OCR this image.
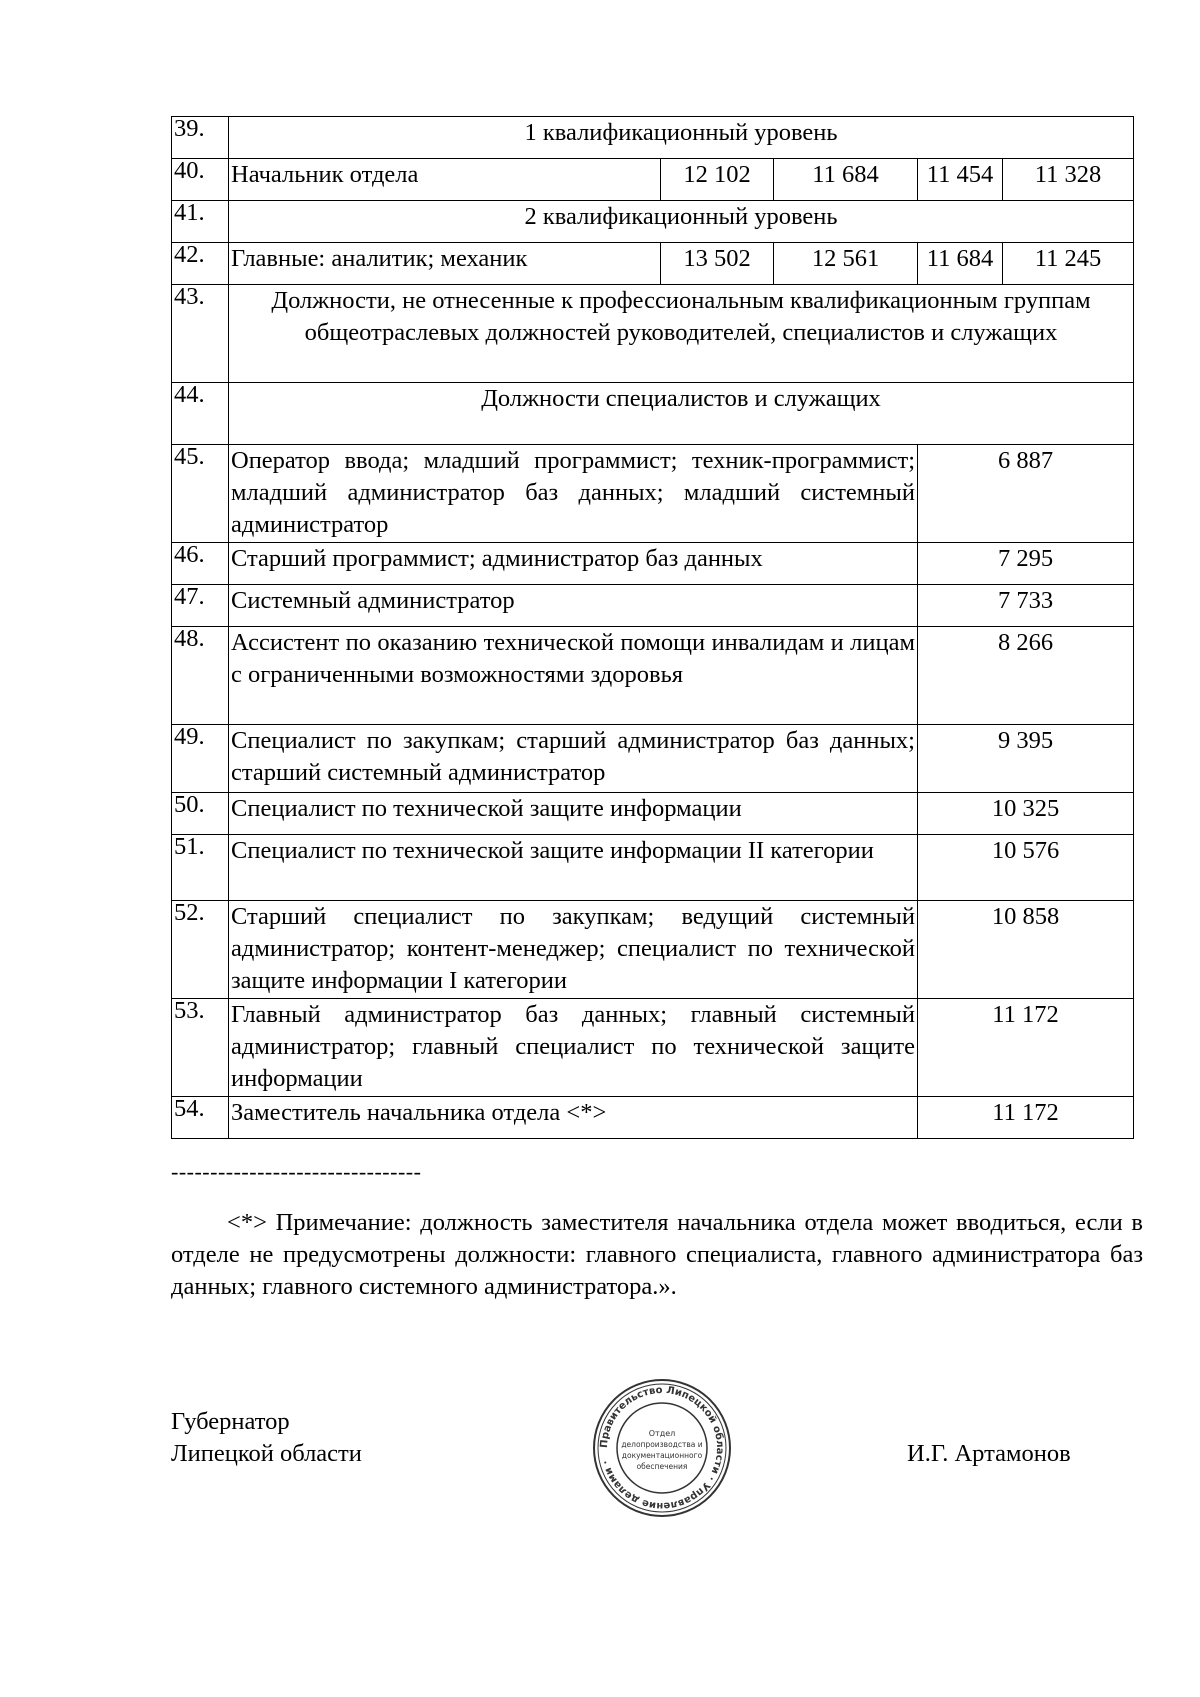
39.	1 квалификационный уровень				
40.	Начальник отдела	12 102	11 684	11 454	11 328
41.	2 квалификационный уровень				
42.	Главные: аналитик; механик	13 502	12 561	11 684	11 245
43.	Должности, не отнесенные к профессиональным квалификационным группам общеотраслевых должностей руководителей, специалистов и служащих				
44.	Должности специалистов и служащих				
45.	Оператор ввода; младший программист; техник-программист; младший администратор баз данных; младший системный администратор			6 887	
46.	Старший программист; администратор баз данных			7 295	
47.	Системный администратор			7 733	
48.	Ассистент по оказанию технической помощи инвалидам и лицам с ограниченными возможностями здоровья			8 266	
49.	Специалист по закупкам; старший администратор баз данных; старший системный администратор			9 395	
50.	Специалист по технической защите информации			10 325	
51.	Специалист по технической защите информации II категории			10 576	
52.	Старший специалист по закупкам; ведущий системный администратор; контент-менеджер; специалист по технической защите информации I категории			10 858	
53.	Главный администратор баз данных; главный системный администратор; главный специалист по технической защите информации			11 172	
54.	Заместитель начальника отдела <*>			11 172	
--------------------------------
<*> Примечание: должность заместителя начальника отдела может вводиться, если в отделе не предусмотрены должности: главного специалиста, главного администратора баз данных; главного системного администратора.».
Губернатор
Липецкой области	Правительство Липецкой области · Управление делами ·
Отдел
делопроизводства и
документационного
обеспечения	И.Г. Артамонов
